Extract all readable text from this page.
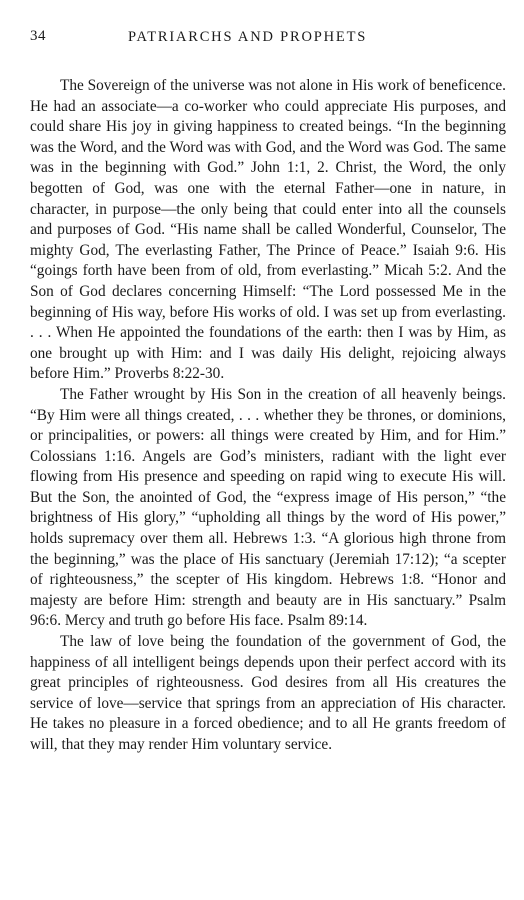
34	PATRIARCHS AND PROPHETS

The Sovereign of the universe was not alone in His work of beneficence. He had an associate—a co-worker who could appreciate His purposes, and could share His joy in giving happiness to created beings. “In the beginning was the Word, and the Word was with God, and the Word was God. The same was in the beginning with God.” John 1:1, 2. Christ, the Word, the only begotten of God, was one with the eternal Father—one in nature, in character, in purpose—the only being that could enter into all the counsels and purposes of God. “His name shall be called Wonderful, Counselor, The mighty God, The everlasting Father, The Prince of Peace.” Isaiah 9:6. His “goings forth have been from of old, from everlasting.” Micah 5:2. And the Son of God declares concerning Himself: “The Lord possessed Me in the beginning of His way, before His works of old. I was set up from everlasting. . . . When He appointed the foundations of the earth: then I was by Him, as one brought up with Him: and I was daily His delight, rejoicing always before Him.” Proverbs 8:22-30.

The Father wrought by His Son in the creation of all heavenly beings. “By Him were all things created, . . . whether they be thrones, or dominions, or principalities, or powers: all things were created by Him, and for Him.” Colossians 1:16. Angels are God’s ministers, radiant with the light ever flowing from His presence and speeding on rapid wing to execute His will. But the Son, the anointed of God, the “express image of His person,” “the brightness of His glory,” “upholding all things by the word of His power,” holds supremacy over them all. Hebrews 1:3. “A glorious high throne from the beginning,” was the place of His sanctuary (Jeremiah 17:12); “a scepter of righteousness,” the scepter of His kingdom. Hebrews 1:8. “Honor and majesty are before Him: strength and beauty are in His sanctuary.” Psalm 96:6. Mercy and truth go before His face. Psalm 89:14.

The law of love being the foundation of the government of God, the happiness of all intelligent beings depends upon their perfect accord with its great principles of righteousness. God desires from all His creatures the service of love—service that springs from an appreciation of His character. He takes no pleasure in a forced obedience; and to all He grants freedom of will, that they may render Him voluntary service.
